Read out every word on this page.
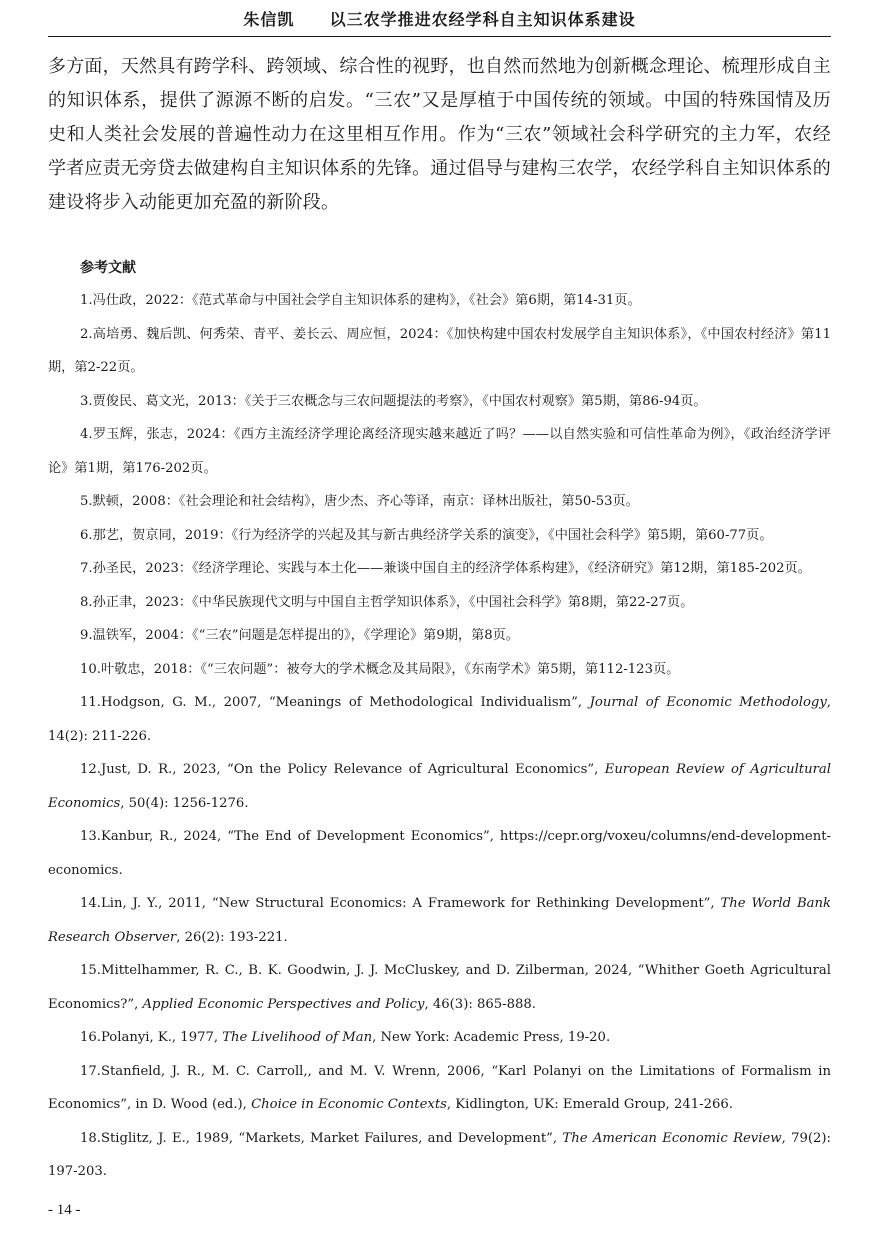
朱信凯 以三农学推进农经学科自主知识体系建设

多方面，天然具有跨学科、跨领域、综合性的视野，也自然而然地为创新概念理论、梳理形成自主的知识体系，提供了源源不断的启发。“三农”又是厚植于中国传统的领域。中国的特殊国情及历史和人类社会发展的普遍性动力在这里相互作用。作为“三农”领域社会科学研究的主力军，农经学者应责无旁贷去做建构自主知识体系的先锋。通过倡导与建构三农学，农经学科自主知识体系的建设将步入动能更加充盈的新阶段。

参考文献
1.冯仕政，2022：《范式革命与中国社会学自主知识体系的建构》，《社会》第6期，第14-31页。
2.高培勇、魏后凯、何秀荣、青平、姜长云、周应恒，2024：《加快构建中国农村发展学自主知识体系》，《中国农村经济》第11期，第2-22页。
3.贾俊民、葛文光，2013：《关于三农概念与三农问题提法的考察》，《中国农村观察》第5期，第86-94页。
4.罗玉辉，张志，2024：《西方主流经济学理论离经济现实越来越近了吗？——以自然实验和可信性革命为例》，《政治经济学评论》第1期，第176-202页。
5.默顿，2008：《社会理论和社会结构》，唐少杰、齐心等译，南京：译林出版社，第50-53页。
6.那艺，贺京同，2019：《行为经济学的兴起及其与新古典经济学关系的演变》，《中国社会科学》第5期，第60-77页。
7.孙圣民，2023：《经济学理论、实践与本土化——兼谈中国自主的经济学体系构建》，《经济研究》第12期，第185-202页。
8.孙正聿，2023：《中华民族现代文明与中国自主哲学知识体系》，《中国社会科学》第8期，第22-27页。
9.温铁军，2004：《“三农”问题是怎样提出的》，《学理论》第9期，第8页。
10.叶敬忠，2018：《“三农问题”：被夸大的学术概念及其局限》，《东南学术》第5期，第112-123页。
11.Hodgson, G. M., 2007, “Meanings of Methodological Individualism”, Journal of Economic Methodology, 14(2): 211-226.
12.Just, D. R., 2023, “On the Policy Relevance of Agricultural Economics”, European Review of Agricultural Economics, 50(4): 1256-1276.
13.Kanbur, R., 2024, “The End of Development Economics”, https://cepr.org/voxeu/columns/end-development-economics.
14.Lin, J. Y., 2011, “New Structural Economics: A Framework for Rethinking Development”, The World Bank Research Observer, 26(2): 193-221.
15.Mittelhammer, R. C., B. K. Goodwin, J. J. McCluskey, and D. Zilberman, 2024, “Whither Goeth Agricultural Economics?”, Applied Economic Perspectives and Policy, 46(3): 865-888.
16.Polanyi, K., 1977, The Livelihood of Man, New York: Academic Press, 19-20.
17.Stanfield, J. R., M. C. Carroll,, and M. V. Wrenn, 2006, “Karl Polanyi on the Limitations of Formalism in Economics”, in D. Wood (ed.), Choice in Economic Contexts, Kidlington, UK: Emerald Group, 241-266.
18.Stiglitz, J. E., 1989, “Markets, Market Failures, and Development”, The American Economic Review, 79(2): 197-203.
- 14 -
